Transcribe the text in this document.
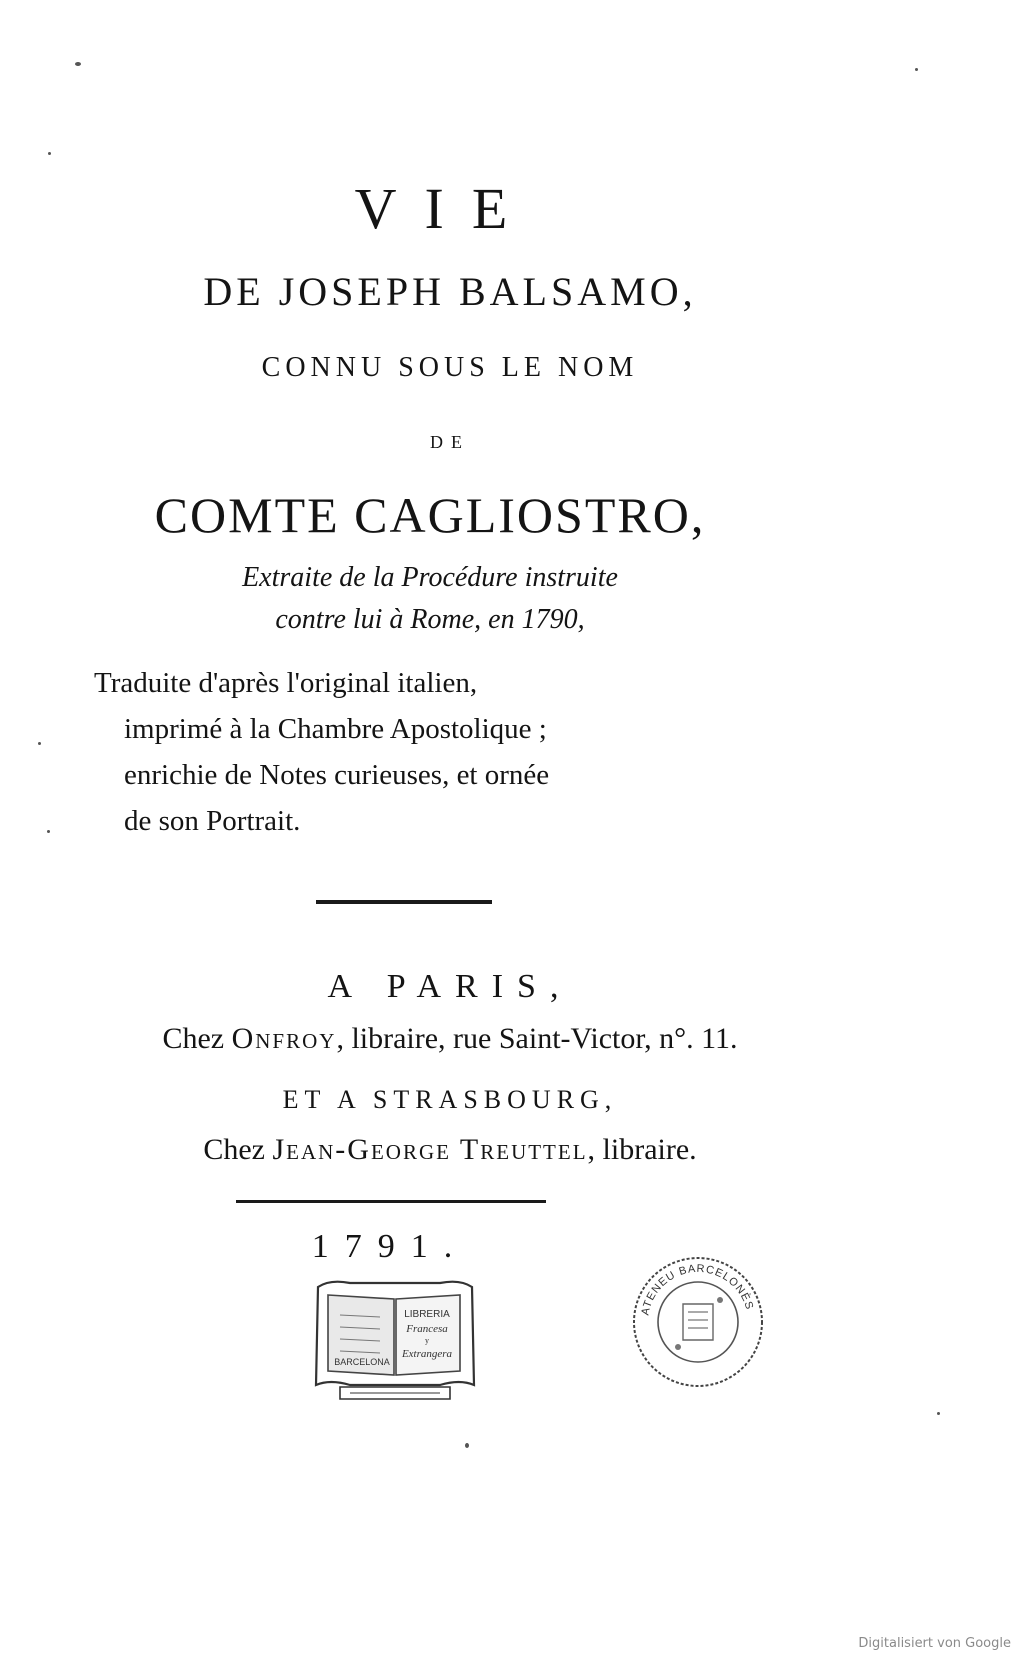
VIE
DE JOSEPH BALSAMO,
CONNU SOUS LE NOM
DE
COMTE CAGLIOSTRO,
Extraite de la Procédure instruite
contre lui à Rome, en 1790,
Traduite d'après l'original italien,
imprimé à la Chambre Apostolique ;
enrichie de Notes curieuses, et ornée
de son Portrait.
A PARIS,
Chez Onfroy, libraire, rue Saint-Victor, n°. 11.
ET A STRASBOURG,
Chez Jean-George Treuttel, libraire.
1791.
LIBRERIA
Francesa
y
Extrangera
BARCELONA
ATENEU BARCELONÈS
Digitalisiert von Google
